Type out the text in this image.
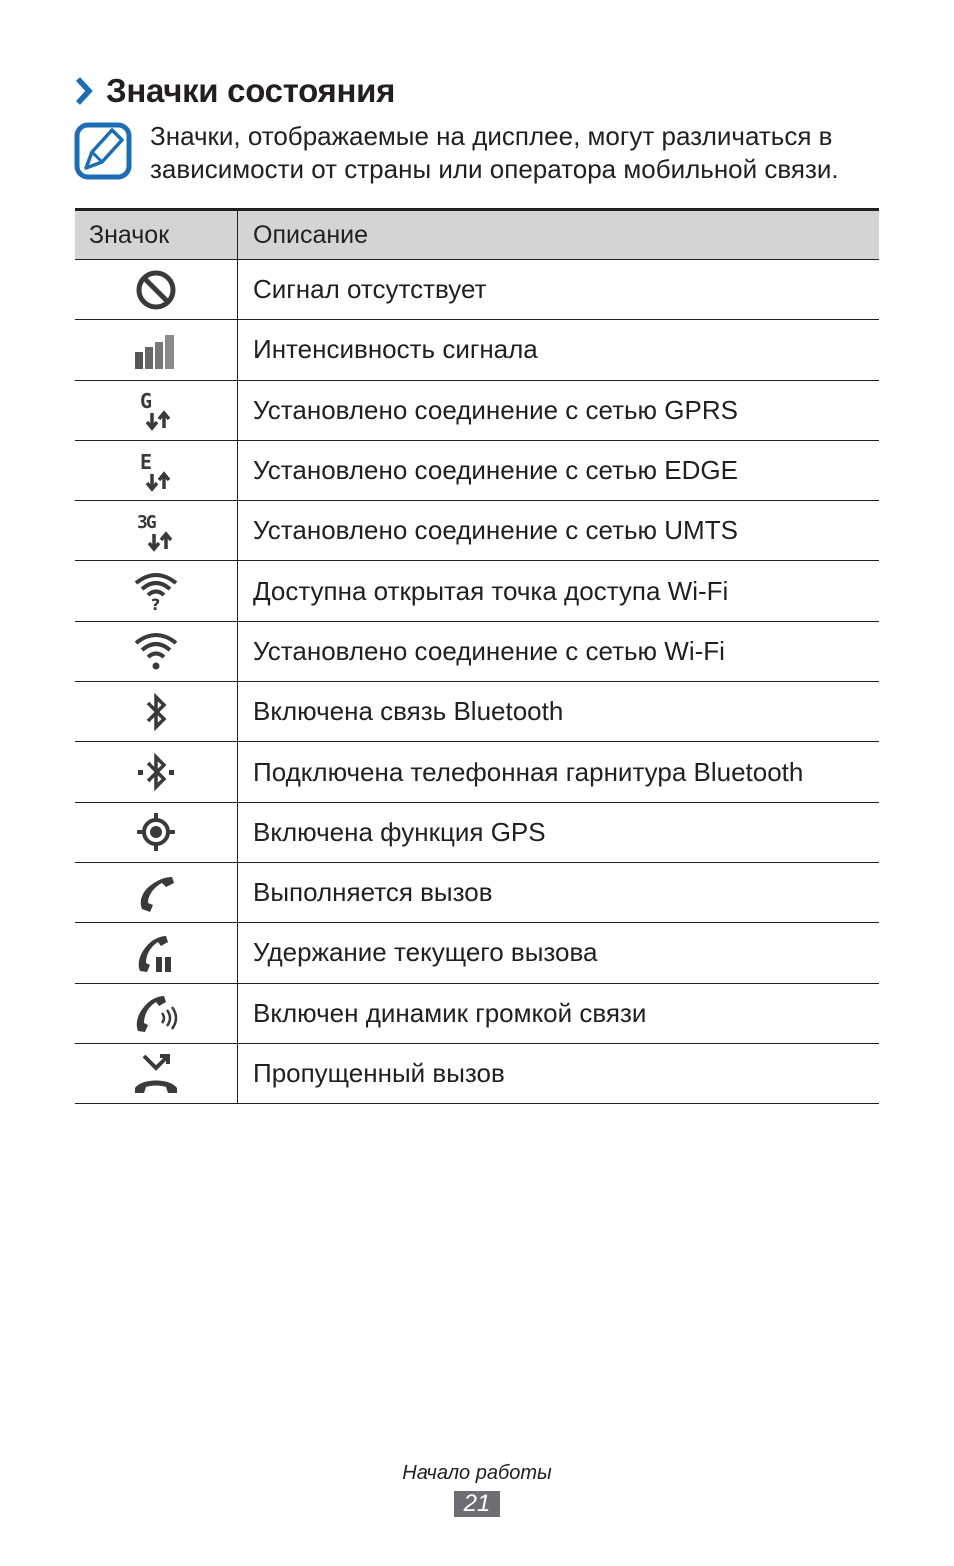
Значки состояния
Значки, отображаемые на дисплее, могут различаться в зависимости от страны или оператора мобильной связи.
Значок	Описание
Сигнал отсутствует
Интенсивность сигнала
G	Установлено соединение с сетью GPRS
E	Установлено соединение с сетью EDGE
3G	Установлено соединение с сетью UMTS
?	Доступна открытая точка доступа Wi-Fi
Установлено соединение с сетью Wi-Fi
Включена связь Bluetooth
Подключена телефонная гарнитура Bluetooth
Включена функция GPS
Выполняется вызов
Удержание текущего вызова
Включен динамик громкой связи
Пропущенный вызов
Начало работы
21
